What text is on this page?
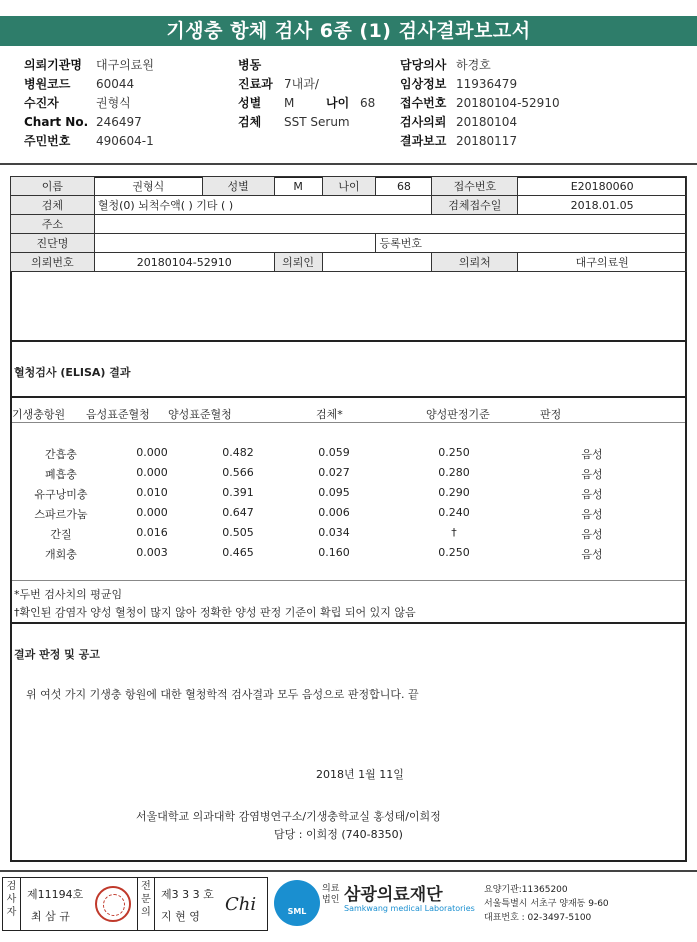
기생충 항체 검사 6종 (1) 검사결과보고서
의뢰기관명 대구의료원
병원코드 60044
수진자	권형식
Chart No. 246497
주민번호 490604-1
병동
진료과 7내과/
성별 M	나이 68
검체 SST Serum
담당의사 하경호
임상정보 11936479
접수번호 20180104-52910
검사의뢰 20180104
결과보고 20180117
이름	권형식	성별	M	나이	68	접수번호	E20180060
검체	혈청(0) 뇌척수액( ) 기타 ( )					검체접수일	2018.01.05
주소							
진단명					등록번호		
의뢰번호	20180104-52910		의뢰인			의뢰처	대구의료원
혈청검사 (ELISA) 결과
기생충항원 음성표준혈청 양성표준혈청	검체*	양성판정기준	판정
간흡충	0.000	0.482	0.059	0.250	음성
폐흡충	0.000	0.566	0.027	0.280	음성
유구낭미충	0.010	0.391	0.095	0.290	음성
스파르가눔	0.000	0.647	0.006	0.240	음성
간질	0.016	0.505	0.034	†	음성
개회충	0.003	0.465	0.160	0.250	음성
*두번 검사치의 평균임
†확인된 감염자 양성 혈청이 많지 않아 정확한 양성 판정 기준이 확립 되어 있지 않음
결과 판정 및 공고
위 여섯 가지 기생충 항원에 대한 혈청학적 검사결과 모두 음성으로 판정합니다. 끝
2018년 1월 11일
서울대학교 의과대학 감염병연구소/기생충학교실 홍성태/이희정
담당 : 이희정 (740-8350)
검사자
제11194호
최 삼 규
전문의
제3 3 3 호
지 현 영
Chi	SML
의료법인 삼광의료재단
Samkwang medical Laboratories
요양기관:11365200
서울특별시 서초구 양재동 9-60
대표번호 : 02-3497-5100
